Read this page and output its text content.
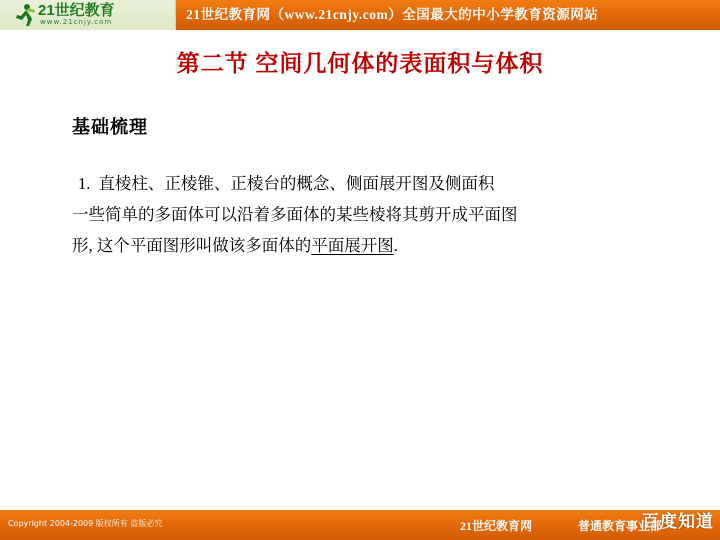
21世纪教育
www.21cnjy.com	21世纪教育网（www.21cnjy.com）全国最大的中小学教育资源网站
第二节 空间几何体的表面积与体积
基础梳理
1. 直棱柱、正棱锥、正棱台的概念、侧面展开图及侧面积
一些简单的多面体可以沿着多面体的某些棱将其剪开成平面图
形, 这个平面图形叫做该多面体的平面展开图.
Copyright 2004-2009 版权所有 盗版必究	21世纪教育网	普通教育事业部
百度知道
